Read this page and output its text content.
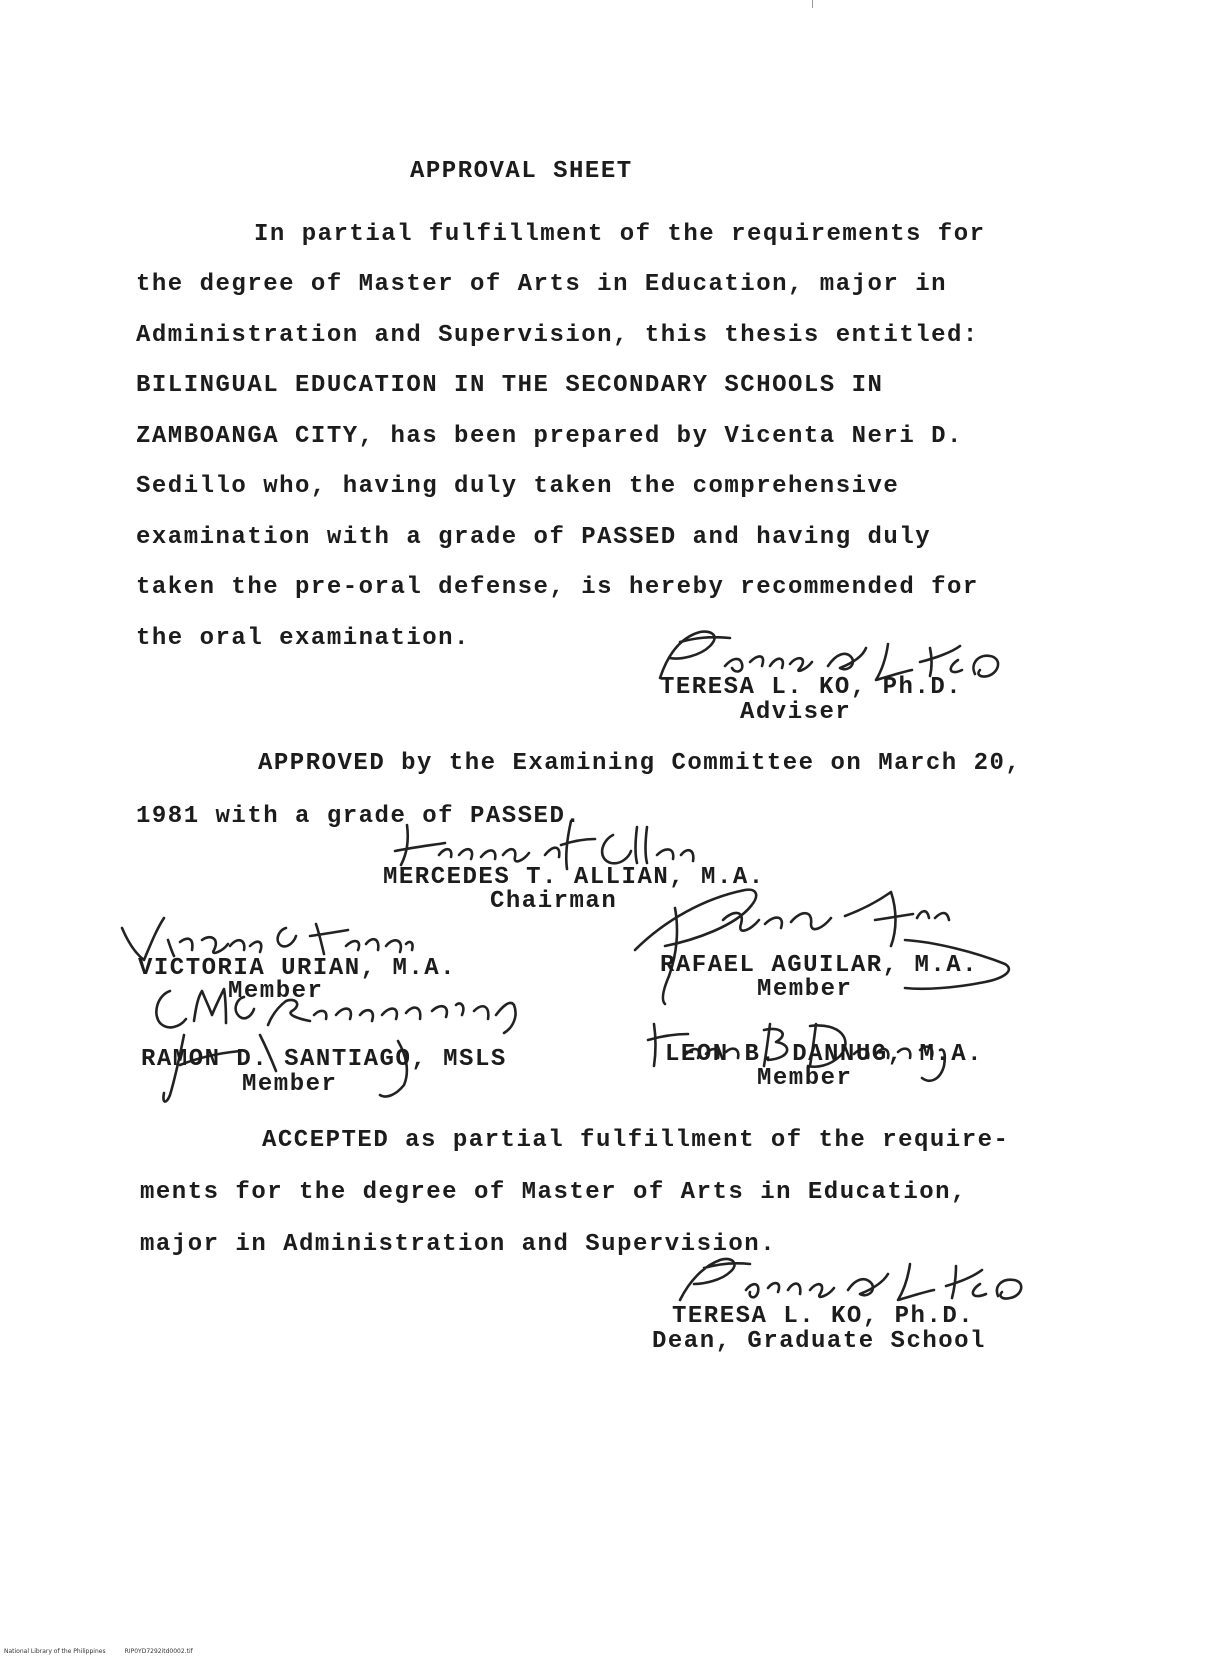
APPROVAL SHEET
In partial fulfillment of the requirements for
the degree of Master of Arts in Education, major in
Administration and Supervision, this thesis entitled:
BILINGUAL EDUCATION IN THE SECONDARY SCHOOLS IN
ZAMBOANGA CITY, has been prepared by Vicenta Neri D.
Sedillo who, having duly taken the comprehensive
examination with a grade of PASSED and having duly
taken the pre-oral defense, is hereby recommended for
the oral examination.
TERESA L. KO, Ph.D.
Adviser
APPROVED by the Examining Committee on March 20,
1981 with a grade of PASSED.
MERCEDES T. ALLIAN, M.A.
Chairman
VICTORIA URIAN, M.A.
Member
RAFAEL AGUILAR, M.A.
Member
RAMON D. SANTIAGO, MSLS
Member
LEON B. DANNUG, M.A.
Member
ACCEPTED as partial fulfillment of the require-
ments for the degree of Master of Arts in Education,
major in Administration and Supervision.
TERESA L. KO, Ph.D.
Dean, Graduate School
National Library of the Philippines	RIP0YD7292itd0002.tif
